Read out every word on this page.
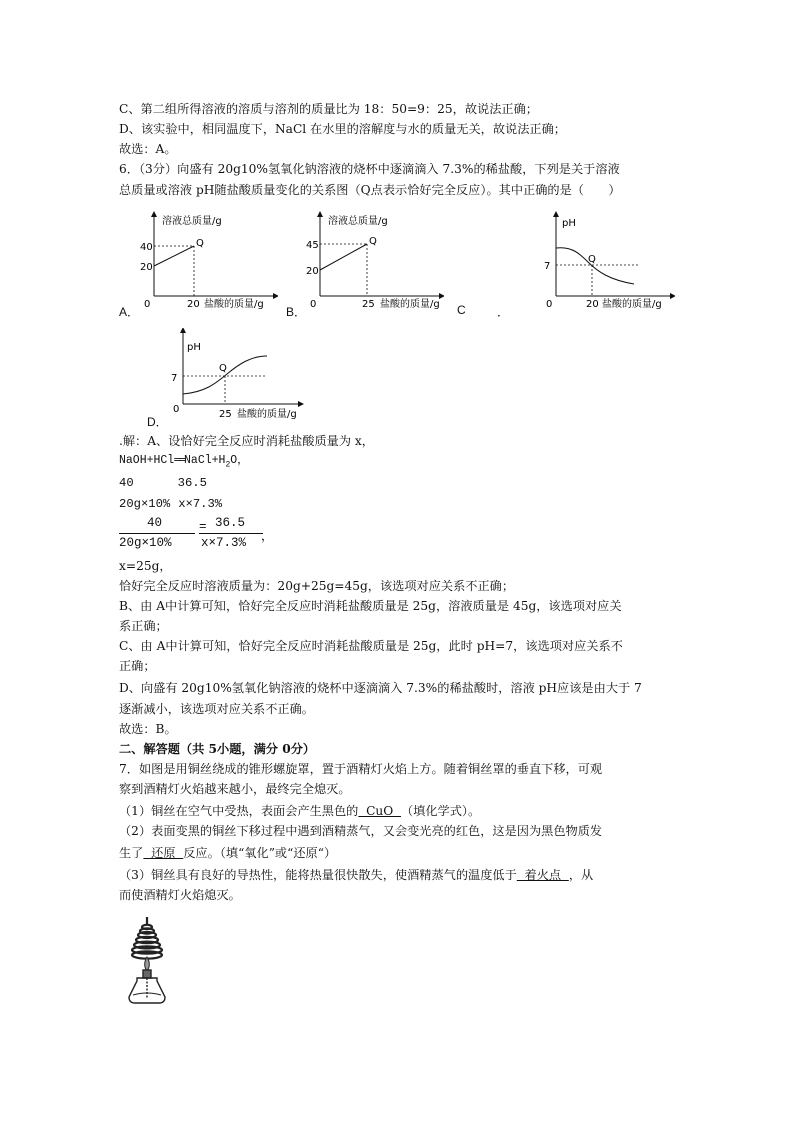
C、第二组所得溶液的溶质与溶剂的质量比为 18：50=9：25，故说法正确；
D、该实验中，相同温度下，NaCl 在水里的溶解度与水的质量无关，故说法正确；
故选：A。
6．（3分）向盛有 20g10%氢氧化钠溶液的烧杯中逐滴滴入 7.3%的稀盐酸，下列是关于溶液
总质量或溶液 pH随盐酸质量变化的关系图（Q点表示恰好完全反应）。其中正确的是（　　）
溶液总质量/g
40
20
0	20 盐酸的质量/g
Q
A．
溶液总质量/g
45
20
0	25 盐酸的质量/g
Q
B．	C	．
pH
7
0	20 盐酸的质量/g
Q
pH
7
0	25 盐酸的质量/g
Q
D．
.解：A、设恰好完全反应时消耗盐酸质量为 x，
$NaOH+HCl══NaCl+H_2O$，
40	36.5
20g×10% x×7.3%
40
20g×10%
= 36.5
x×7.3% ，
x=25g，
恰好完全反应时溶液质量为：20g+25g=45g，该选项对应关系不正确；
B、由 A中计算可知，恰好完全反应时消耗盐酸质量是 25g，溶液质量是 45g，该选项对应关
系正确；
C、由 A中计算可知，恰好完全反应时消耗盐酸质量是 25g，此时 pH=7，该选项对应关系不
正确；
D、向盛有 20g10%氢氧化钠溶液的烧杯中逐滴滴入 7.3%的稀盐酸时，溶液 pH应该是由大于 7
逐渐减小，该选项对应关系不正确。
故选：B。
二、解答题（共 5小题，满分 0分）
7．如图是用铜丝绕成的锥形螺旋罩，置于酒精灯火焰上方。随着铜丝罩的垂直下移，可观
察到酒精灯火焰越来越小，最终完全熄灭。
（1）铜丝在空气中受热，表面会产生黑色的  CuO  （填化学式）。
（2）表面变黑的铜丝下移过程中遇到酒精蒸气，又会变光亮的红色，这是因为黑色物质发
生了  还原  反应。（填“氧化”或“还原“）
（3）铜丝具有良好的导热性，能将热量很快散失，使酒精蒸气的温度低于  着火点  ，从
而使酒精灯火焰熄灭。
